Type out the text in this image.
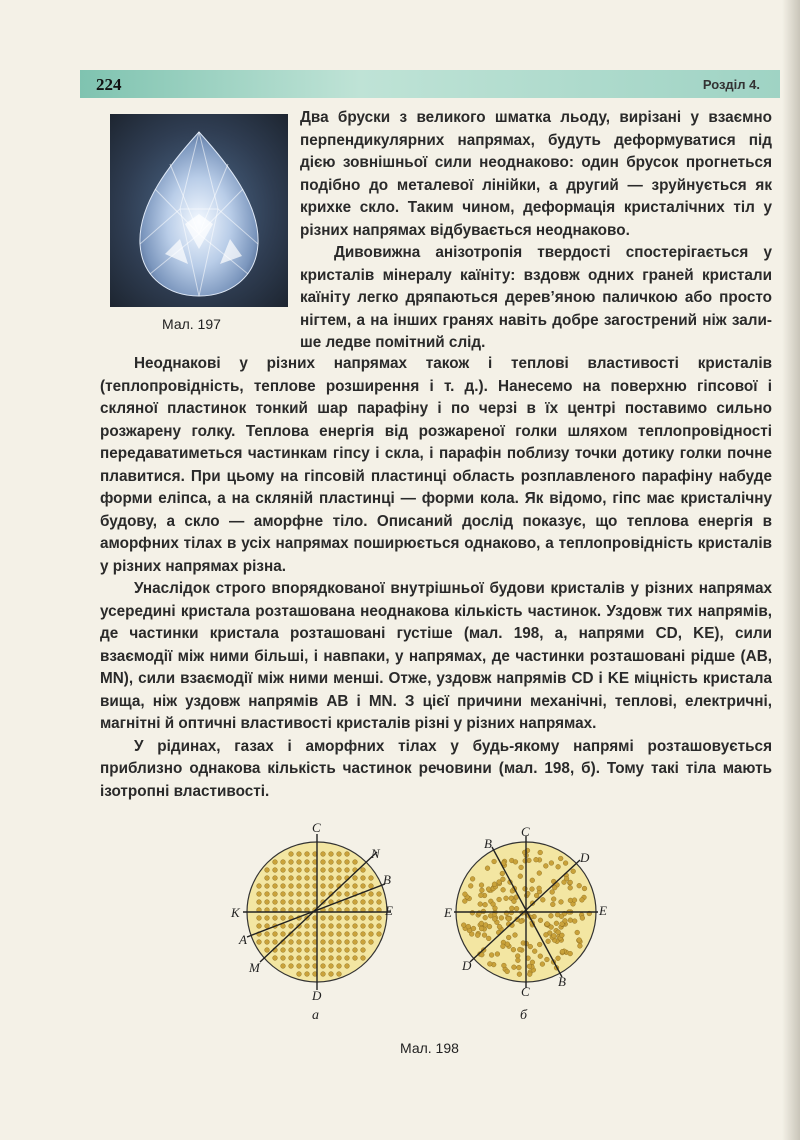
224	Розділ 4.
Мал. 197

Два бруски з великого шматка льоду, вирізані у взаємно перпендикулярних напрямах, будуть деформуватися під дією зовнішньої сили неоднаково: один брусок прогнеться подібно до металевої лінійки, а другий — зруйнується як крихке скло. Таким чином, деформація кристалічних тіл у різних напрямах відбувається неоднаково.

Дивовижна анізотропія твердості спостерігається у кристалів мінералу каїніту: вздовж одних граней кристали каїніту легко дряпаються дерев’яною паличкою або просто нігтем, а на інших гранях навіть добре загострений ніж залише ледве помітний слід.

Неоднакові у різних напрямах також і теплові властивості кристалів (теплопровідність, теплове розширення і т. д.). Нанесемо на поверхню гіпсової і скляної пластинок тонкий шар парафіну і по черзі в їх центрі поставимо сильно розжарену голку. Теплова енергія від розжареної голки шляхом теплопровідності передаватиметься частинкам гіпсу і скла, і парафін поблизу точки дотику голки почне плавитися. При цьому на гіпсовій пластинці область розплавленого парафіну набуде форми еліпса, а на скляній пластинці — форми кола. Як відомо, гіпс має кристалічну будову, а скло — аморфне тіло. Описаний дослід показує, що теплова енергія в аморфних тілах в усіх напрямах поширюється однаково, а теплопровідність кристалів у різних напрямах різна.

Унаслідок строго впорядкованої внутрішньої будови кристалів у різних напрямах усередині кристала розташована неоднакова кількість частинок. Уздовж тих напрямів, де частинки кристала розташовані густіше (мал. 198, а, напрями CD, KE), сили взаємодії між ними більші, і навпаки, у напрямах, де частинки розташовані рідше (AB, MN), сили взаємодії між ними менші. Отже, уздовж напрямів CD і KE міцність кристала вища, ніж уздовж напрямів AB і MN. З цієї причини механічні, теплові, електричні, магнітні й оптичні властивості кристалів різні у різних напрямах.

У рідинах, газах і аморфних тілах у будь-якому напрямі розташовується приблизно однакова кількість частинок речовини (мал. 198, б). Тому такі тіла мають ізотропні властивості.

C
D
K	E
N
B
A
M
а
C
C
B
B
D
D
E	E
б
Мал. 198
